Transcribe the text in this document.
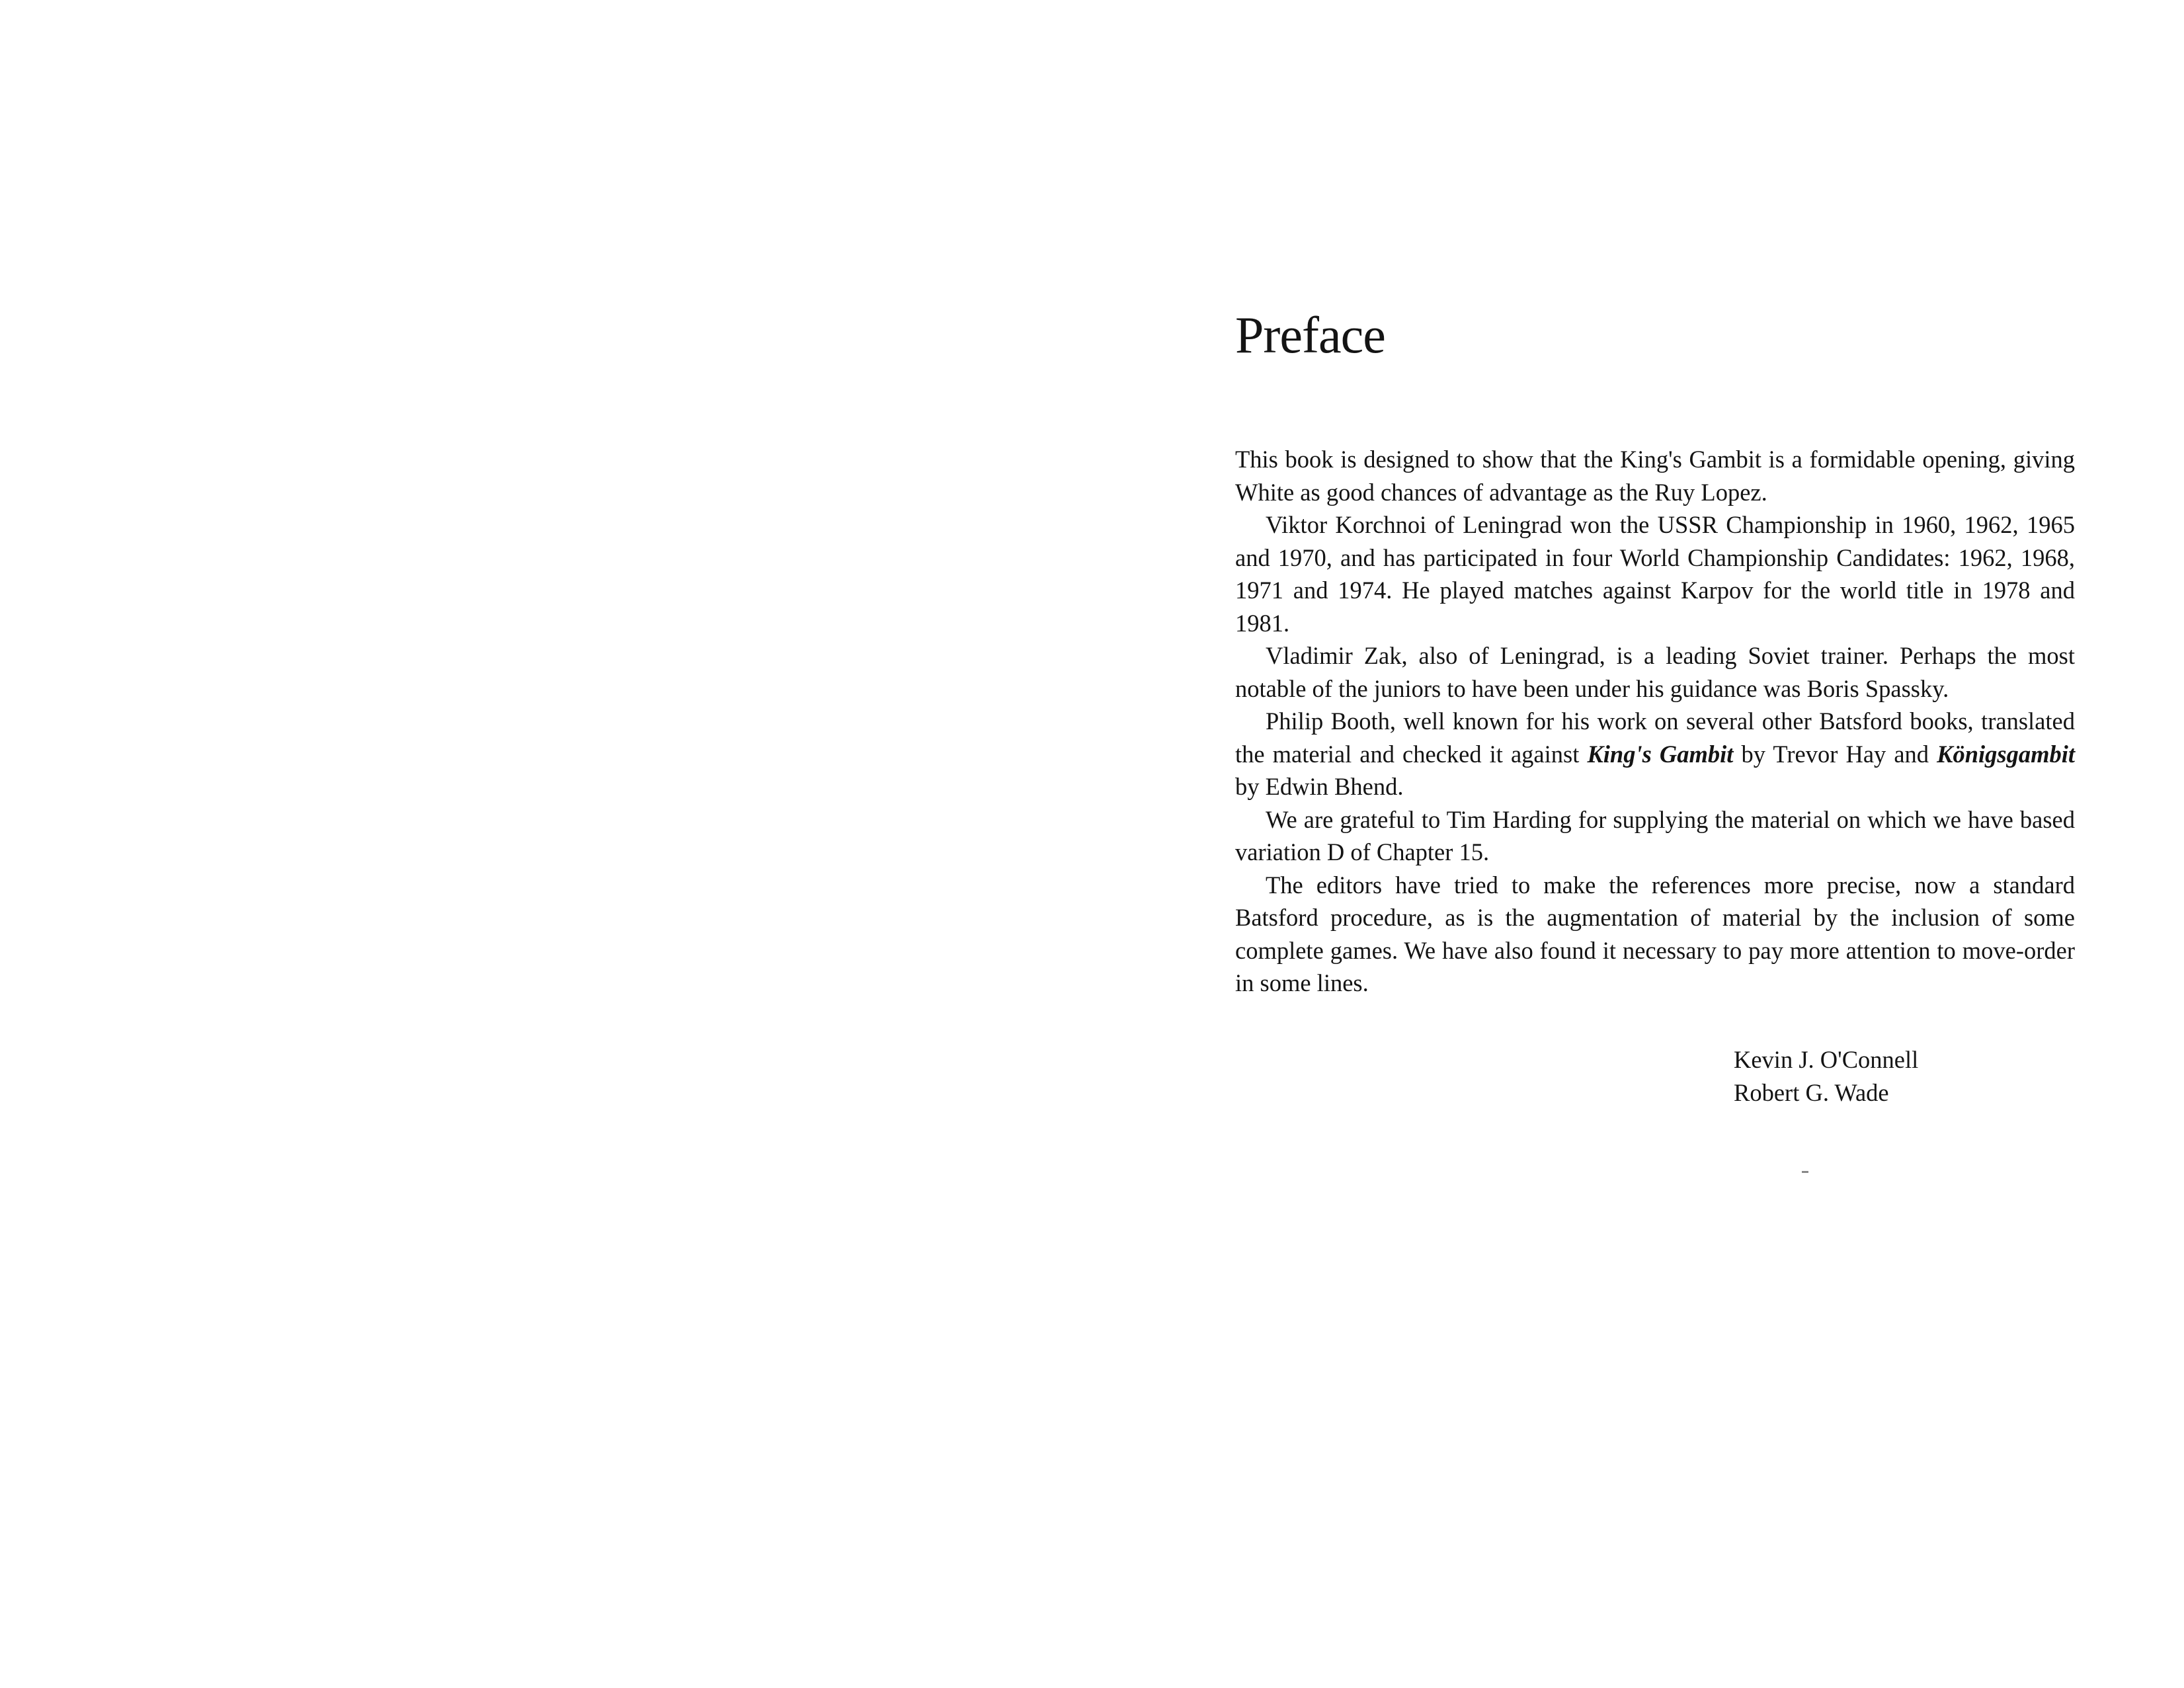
Preface

This book is designed to show that the King's Gambit is a formidable opening, giving White as good chances of advantage as the Ruy Lopez.

Viktor Korchnoi of Leningrad won the USSR Championship in 1960, 1962, 1965 and 1970, and has participated in four World Championship Candidates: 1962, 1968, 1971 and 1974. He played matches against Karpov for the world title in 1978 and 1981.

Vladimir Zak, also of Leningrad, is a leading Soviet trainer. Perhaps the most notable of the juniors to have been under his guidance was Boris Spassky.

Philip Booth, well known for his work on several other Batsford books, translated the material and checked it against King's Gambit by Trevor Hay and Königsgambit by Edwin Bhend.

We are grateful to Tim Harding for supplying the material on which we have based variation D of Chapter 15.

The editors have tried to make the references more precise, now a standard Batsford procedure, as is the augmentation of material by the inclusion of some complete games. We have also found it necessary to pay more attention to move-order in some lines.

Kevin J. O'Connell
Robert G. Wade
